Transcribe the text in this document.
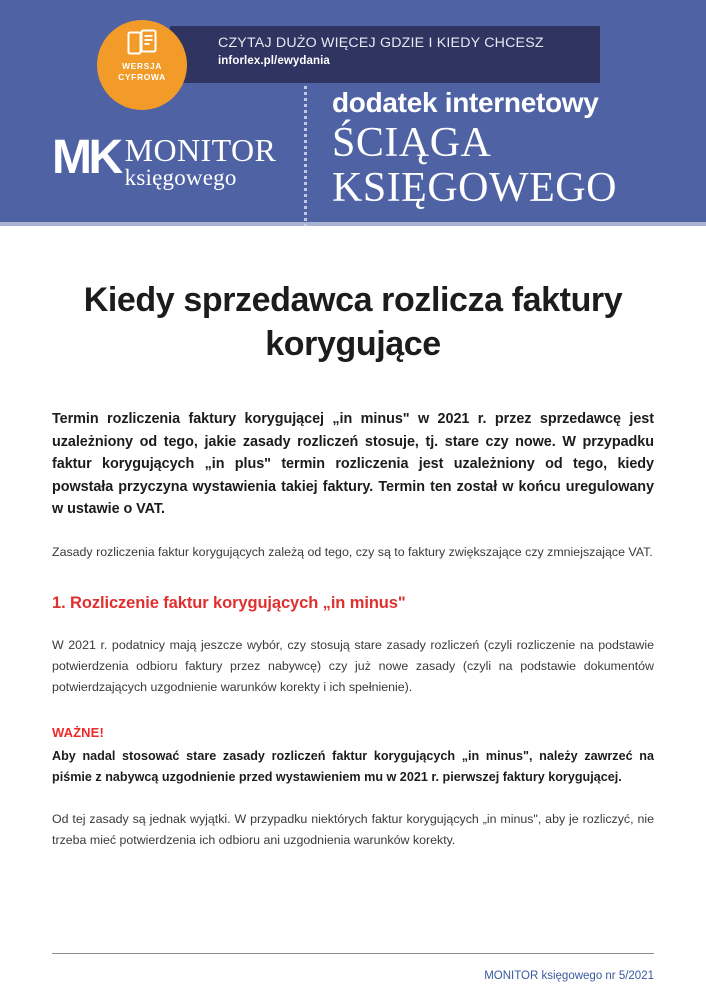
WERSJA
CYFROWA
CZYTAJ DUŻO WIĘCEJ GDZIE I KIEDY CHCESZ
inforlex.pl/ewydania
MK MONITOR
księgowego
dodatek internetowy
ŚCIĄGA
KSIĘGOWEGO
Kiedy sprzedawca rozlicza faktury korygujące

Termin rozliczenia faktury korygującej „in minus" w 2021 r. przez sprzedawcę jest uzależniony od tego, jakie zasady rozliczeń stosuje, tj. stare czy nowe. W przypadku faktur korygujących „in plus" termin rozliczenia jest uzależniony od tego, kiedy powstała przyczyna wystawienia takiej faktury. Termin ten został w końcu uregulowany w ustawie o VAT.

Zasady rozliczenia faktur korygujących zależą od tego, czy są to faktury zwiększające czy zmniejszające VAT.

1. Rozliczenie faktur korygujących „in minus"

W 2021 r. podatnicy mają jeszcze wybór, czy stosują stare zasady rozliczeń (czyli rozliczenie na podstawie potwierdzenia odbioru faktury przez nabywcę) czy już nowe zasady (czyli na podstawie dokumentów potwierdzających uzgodnienie warunków korekty i ich spełnienie).

WAŻNE!

Aby nadal stosować stare zasady rozliczeń faktur korygujących „in minus", należy zawrzeć na piśmie z nabywcą uzgodnienie przed wystawieniem mu w 2021 r. pierwszej faktury korygującej.

Od tej zasady są jednak wyjątki. W przypadku niektórych faktur korygujących „in minus", aby je rozliczyć, nie trzeba mieć potwierdzenia ich odbioru ani uzgodnienia warunków korekty.

MONITOR księgowego nr 5/2021
